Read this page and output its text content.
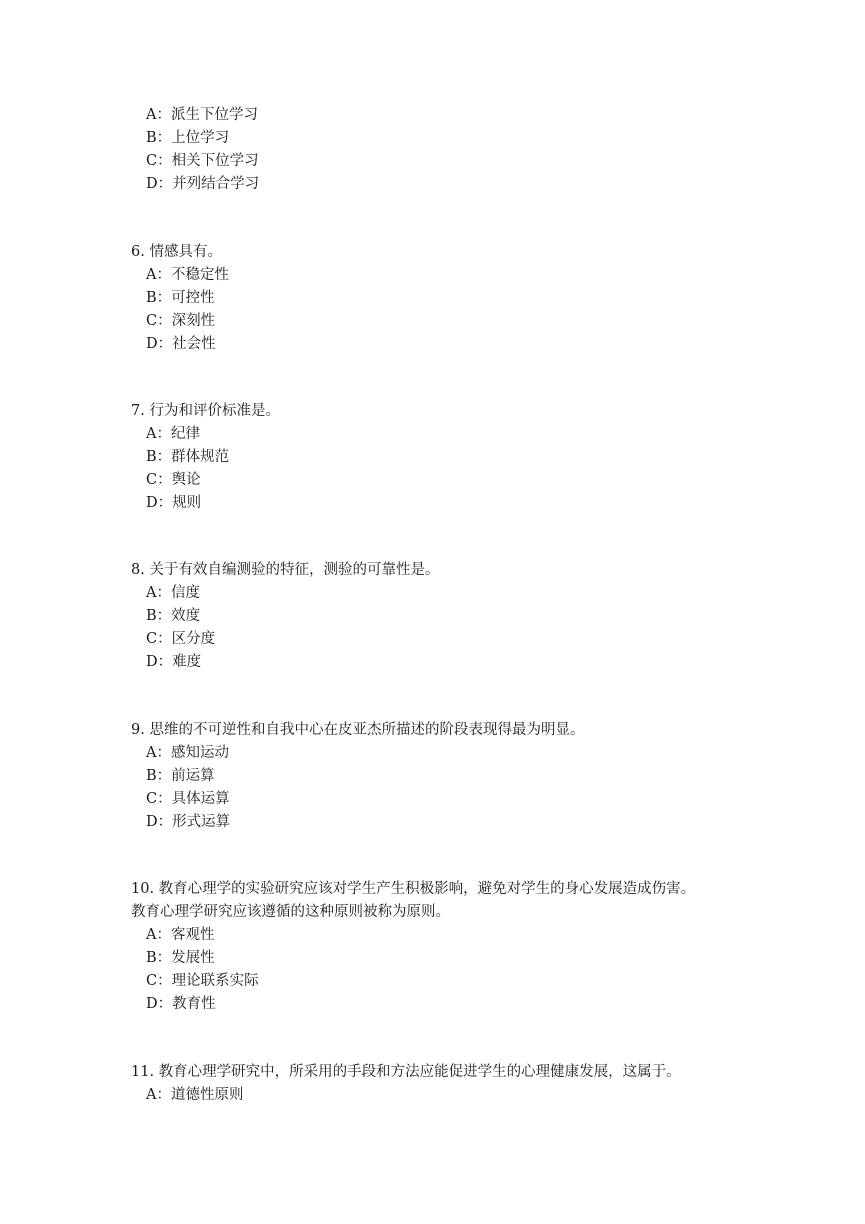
A：派生下位学习
B：上位学习
C：相关下位学习
D：并列结合学习
6. 情感具有。
A：不稳定性
B：可控性
C：深刻性
D：社会性
7. 行为和评价标准是。
A：纪律
B：群体规范
C：舆论
D：规则
8. 关于有效自编测验的特征，测验的可靠性是。
A：信度
B：效度
C：区分度
D：难度
9. 思维的不可逆性和自我中心在皮亚杰所描述的阶段表现得最为明显。
A：感知运动
B：前运算
C：具体运算
D：形式运算
10. 教育心理学的实验研究应该对学生产生积极影响，避免对学生的身心发展造成伤害。
教育心理学研究应该遵循的这种原则被称为原则。
A：客观性
B：发展性
C：理论联系实际
D：教育性
11. 教育心理学研究中，所采用的手段和方法应能促进学生的心理健康发展，这属于。
A：道德性原则
